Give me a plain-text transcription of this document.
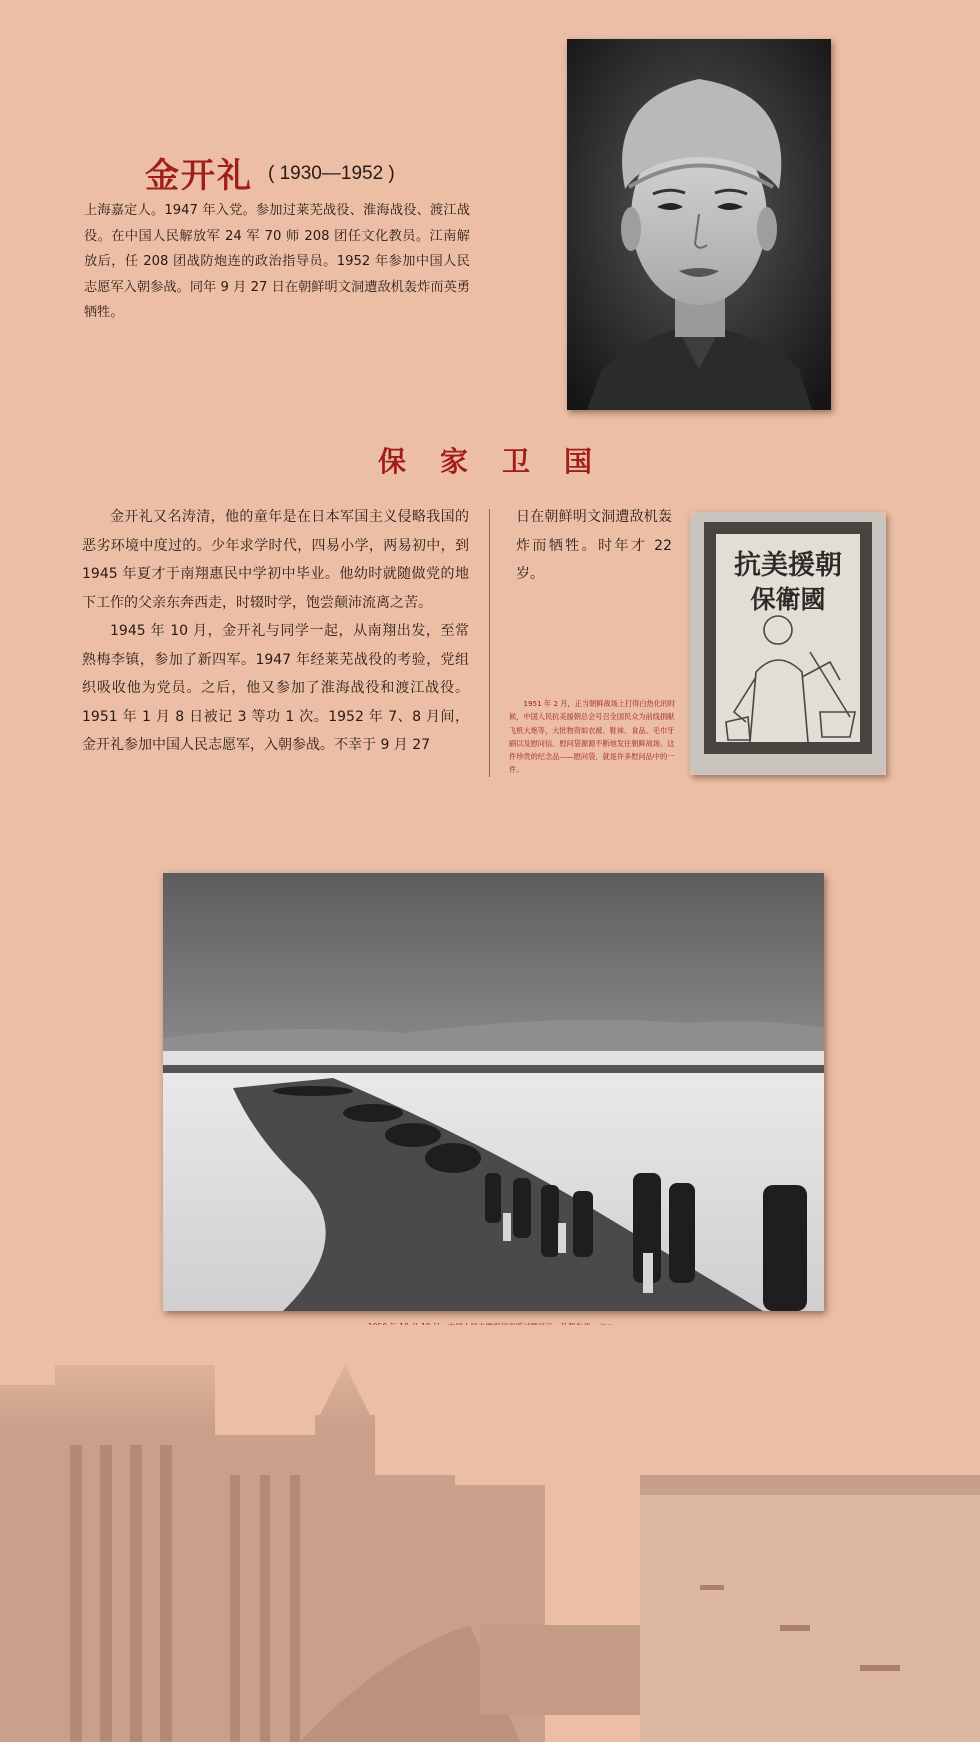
金开礼 ( 1930—1952 )
上海嘉定人。1947 年入党。参加过莱芜战役、淮海战役、渡江战役。在中国人民解放军 24 军 70 师 208 团任文化教员。江南解放后，任 208 团战防炮连的政治指导员。1952 年参加中国人民志愿军入朝参战。同年 9 月 27 日在朝鲜明文洞遭敌机轰炸而英勇牺牲。
保家卫国

金开礼又名涛清，他的童年是在日本军国主义侵略我国的恶劣环境中度过的。少年求学时代，四易小学，两易初中，到 1945 年夏才于南翔惠民中学初中毕业。他幼时就随做党的地下工作的父亲东奔西走，时辍时学，饱尝颠沛流离之苦。

1945 年 10 月，金开礼与同学一起，从南翔出发，至常熟梅李镇，参加了新四军。1947 年经莱芜战役的考验，党组织吸收他为党员。之后，他又参加了淮海战役和渡江战役。1951 年 1 月 8 日被记 3 等功 1 次。1952 年 7、8 月间，金开礼参加中国人民志愿军，入朝参战。不幸于 9 月 27

日在朝鲜明文洞遭敌机轰炸而牺牲。时年才 22 岁。	抗美援朝
保衛國
1951 年 2 月，正当朝鲜战场上打得白热化的时候，中国人民抗美援朝总会号召全国民众为前线捐献飞机大炮等，大批物资如衣被、鞋袜、食品、毛巾牙刷以及慰问信、慰问袋源源不断地发往朝鲜战场。这件珍贵的纪念品——慰问袋，就是许多慰问品中的一件。
